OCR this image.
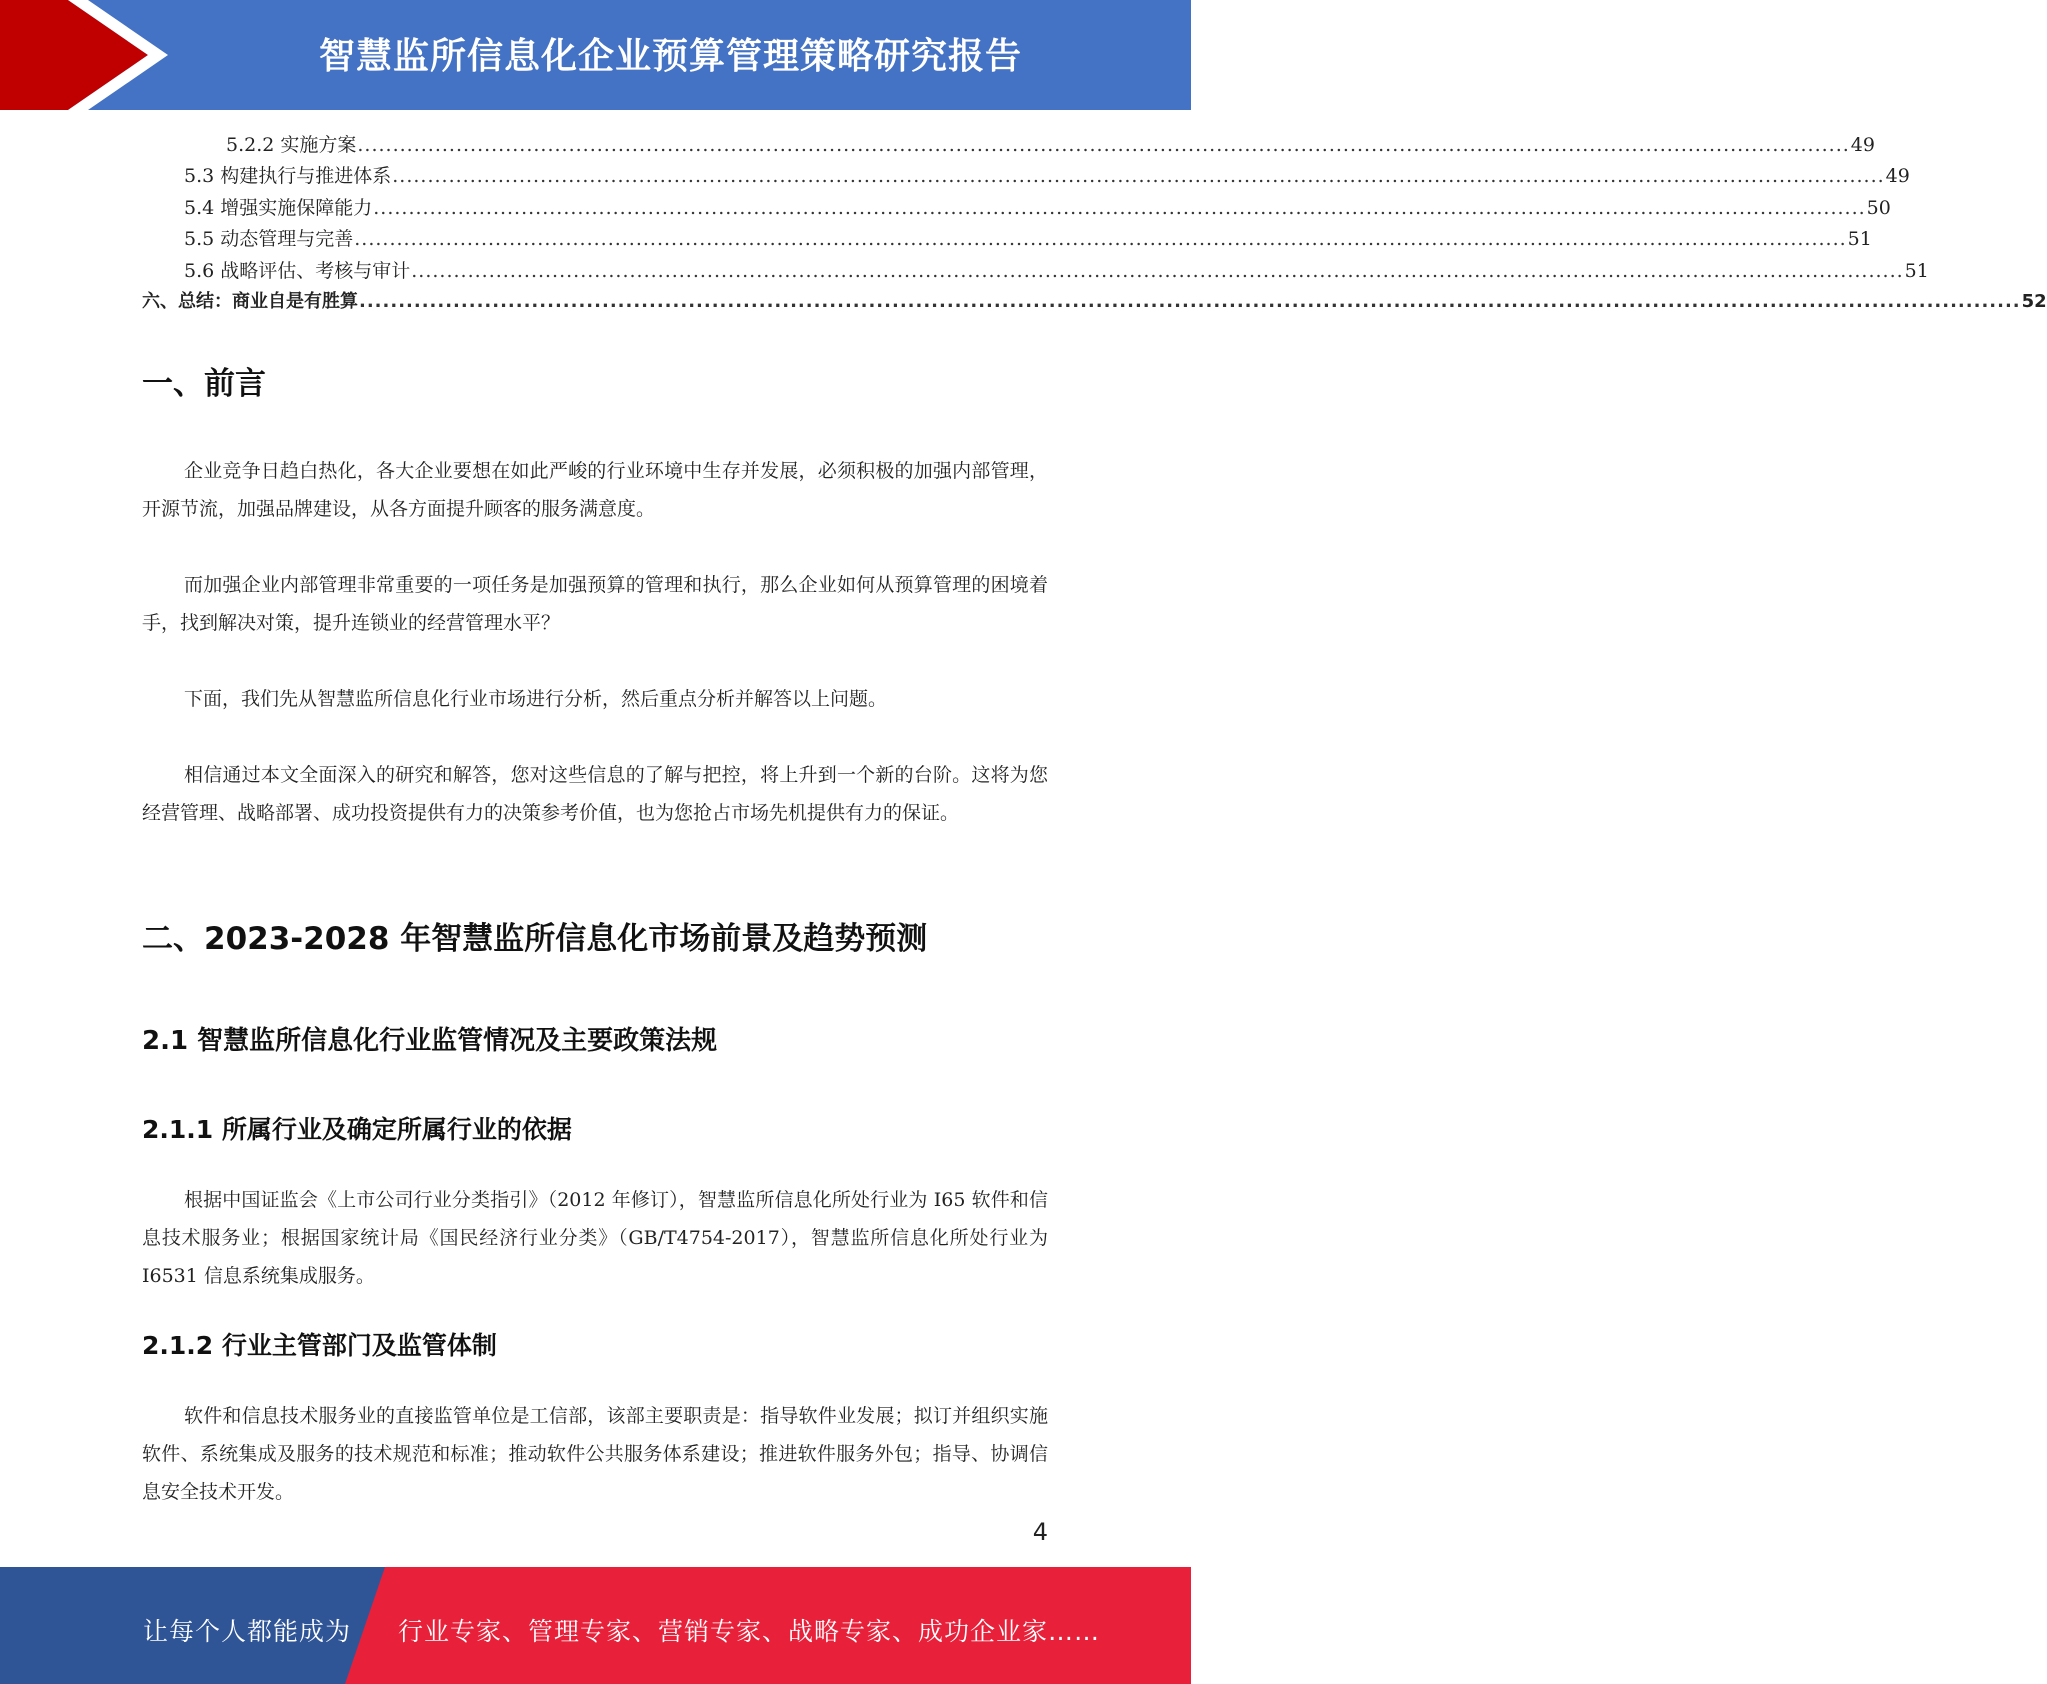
智慧监所信息化企业预算管理策略研究报告
5.2.2 实施方案 .................................................................................................................................................................................................................... 49
5.3 构建执行与推进体系 .................................................................................................................................................................................................................... 49
5.4 增强实施保障能力 .................................................................................................................................................................................................................... 50
5.5 动态管理与完善 .................................................................................................................................................................................................................... 51
5.6 战略评估、考核与审计 .................................................................................................................................................................................................................... 51
六、总结：商业自是有胜算 .................................................................................................................................................................................................................... 52
一、前言

企业竞争日趋白热化，各大企业要想在如此严峻的行业环境中生存并发展，必须积极的加强内部管理，开源节流，加强品牌建设，从各方面提升顾客的服务满意度。

而加强企业内部管理非常重要的一项任务是加强预算的管理和执行，那么企业如何从预算管理的困境着手，找到解决对策，提升连锁业的经营管理水平？

下面，我们先从智慧监所信息化行业市场进行分析，然后重点分析并解答以上问题。

相信通过本文全面深入的研究和解答，您对这些信息的了解与把控，将上升到一个新的台阶。这将为您经营管理、战略部署、成功投资提供有力的决策参考价值，也为您抢占市场先机提供有力的保证。

二、2023-2028 年智慧监所信息化市场前景及趋势预测
2.1 智慧监所信息化行业监管情况及主要政策法规
2.1.1 所属行业及确定所属行业的依据

根据中国证监会《上市公司行业分类指引》（2012 年修订），智慧监所信息化所处行业为 I65 软件和信息技术服务业；根据国家统计局《国民经济行业分类》（GB/T4754-2017），智慧监所信息化所处行业为 I6531 信息系统集成服务。

2.1.2 行业主管部门及监管体制

软件和信息技术服务业的直接监管单位是工信部，该部主要职责是：指导软件业发展；拟订并组织实施软件、系统集成及服务的技术规范和标准；推动软件公共服务体系建设；推进软件服务外包；指导、协调信息安全技术开发。

4
让每个人都能成为 行业专家、管理专家、营销专家、战略专家、成功企业家……
